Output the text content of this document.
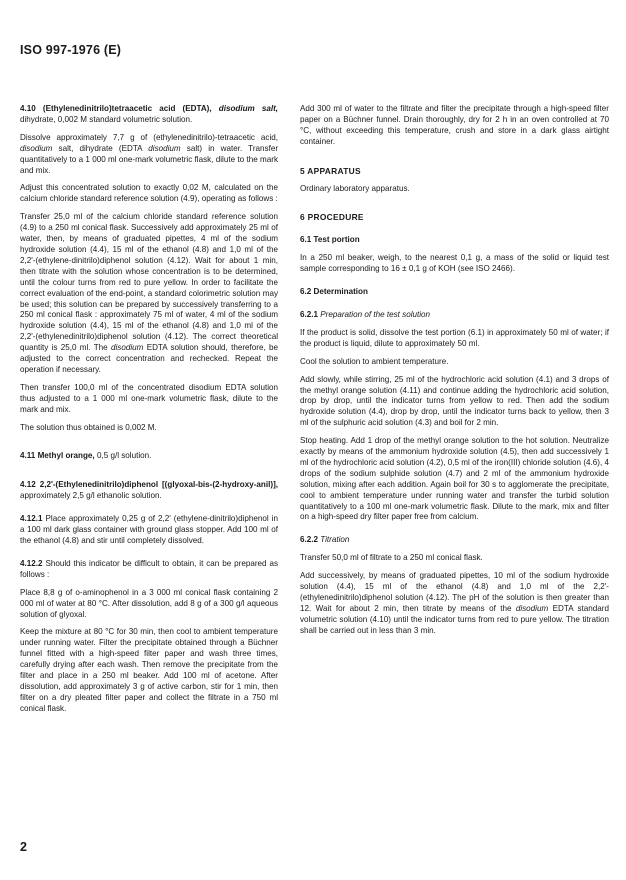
ISO 997-1976 (E)

4.10 (Ethylenedinitrilo)tetraacetic acid (EDTA), disodium salt, dihydrate, 0,002 M standard volumetric solution.

Dissolve approximately 7,7 g of (ethylenedinitrilo)-tetraacetic acid, disodium salt, dihydrate (EDTA disodium salt) in water. Transfer quantitatively to a 1 000 ml one-mark volumetric flask, dilute to the mark and mix.

Adjust this concentrated solution to exactly 0,02 M, calculated on the calcium chloride standard reference solution (4.9), operating as follows :

Transfer 25,0 ml of the calcium chloride standard reference solution (4.9) to a 250 ml conical flask. Successively add approximately 25 ml of water, then, by means of graduated pipettes, 4 ml of the sodium hydroxide solution (4.4), 15 ml of the ethanol (4.8) and 1,0 ml of the 2,2'-(ethylene-dinitrilo)diphenol solution (4.12). Wait for about 1 min, then titrate with the solution whose concentration is to be determined, until the colour turns from red to pure yellow. In order to facilitate the correct evaluation of the end-point, a standard colorimetric solution may be used; this solution can be prepared by successively transferring to a 250 ml conical flask : approximately 75 ml of water, 4 ml of the sodium hydroxide solution (4.4), 15 ml of the ethanol (4.8) and 1,0 ml of the 2,2'-(ethylenedinitrilo)diphenol solution (4.12). The correct theoretical quantity is 25,0 ml. The disodium EDTA solution should, therefore, be adjusted to the correct concentration and rechecked. Repeat the operation if necessary.

Then transfer 100,0 ml of the concentrated disodium EDTA solution thus adjusted to a 1 000 ml one-mark volumetric flask, dilute to the mark and mix.

The solution thus obtained is 0,002 M.

4.11 Methyl orange, 0,5 g/l solution.

4.12 2,2'-(Ethylenedinitrilo)diphenol [(glyoxal-bis-(2-hydroxy-anil)], approximately 2,5 g/l ethanolic solution.

4.12.1 Place approximately 0,25 g of 2,2' (ethylene-dinitrilo)diphenol in a 100 ml dark glass container with ground glass stopper. Add 100 ml of the ethanol (4.8) and stir until completely dissolved.

4.12.2 Should this indicator be difficult to obtain, it can be prepared as follows :

Place 8,8 g of o-aminophenol in a 3 000 ml conical flask containing 2 000 ml of water at 80 °C. After dissolution, add 8 g of a 300 g/l aqueous solution of glyoxal.

Keep the mixture at 80 °C for 30 min, then cool to ambient temperature under running water. Filter the precipitate obtained through a Büchner funnel fitted with a high-speed filter paper and wash three times, carefully drying after each wash. Then remove the precipitate from the filter and place in a 250 ml beaker. Add 100 ml of acetone. After dissolution, add approximately 3 g of active carbon, stir for 1 min, then filter on a dry pleated filter paper and collect the filtrate in a 750 ml conical flask.

Add 300 ml of water to the filtrate and filter the precipitate through a high-speed filter paper on a Büchner funnel. Drain thoroughly, dry for 2 h in an oven controlled at 70 °C, without exceeding this temperature, crush and store in a dark glass airtight container.

5 APPARATUS

Ordinary laboratory apparatus.

6 PROCEDURE
6.1 Test portion

In a 250 ml beaker, weigh, to the nearest 0,1 g, a mass of the solid or liquid test sample corresponding to 16 ± 0,1 g of KOH (see ISO 2466).

6.2 Determination
6.2.1 Preparation of the test solution

If the product is solid, dissolve the test portion (6.1) in approximately 50 ml of water; if the product is liquid, dilute to approximately 50 ml.

Cool the solution to ambient temperature.

Add slowly, while stirring, 25 ml of the hydrochloric acid solution (4.1) and 3 drops of the methyl orange solution (4.11) and continue adding the hydrochloric acid solution, drop by drop, until the indicator turns from yellow to red. Then add the sodium hydroxide solution (4.4), drop by drop, until the indicator turns back to yellow, then 3 ml of the sulphuric acid solution (4.3) and boil for 2 min.

Stop heating. Add 1 drop of the methyl orange solution to the hot solution. Neutralize exactly by means of the ammonium hydroxide solution (4.5), then add successively 1 ml of the hydrochloric acid solution (4.2), 0,5 ml of the iron(III) chloride solution (4.6), 4 drops of the sodium sulphide solution (4.7) and 2 ml of the ammonium hydroxide solution, mixing after each addition. Again boil for 30 s to agglomerate the precipitate, cool to ambient temperature under running water and transfer the turbid solution quantitatively to a 100 ml one-mark volumetric flask. Dilute to the mark, mix and filter on a high-speed dry filter paper free from calcium.

6.2.2 Titration

Transfer 50,0 ml of filtrate to a 250 ml conical flask.

Add successively, by means of graduated pipettes, 10 ml of the sodium hydroxide solution (4.4), 15 ml of the ethanol (4.8) and 1,0 ml of the 2,2'-(ethylenedinitrilo)diphenol solution (4.12). The pH of the solution is then greater than 12. Wait for about 2 min, then titrate by means of the disodium EDTA standard volumetric solution (4.10) until the indicator turns from red to pure yellow. The titration shall be carried out in less than 3 min.

2
